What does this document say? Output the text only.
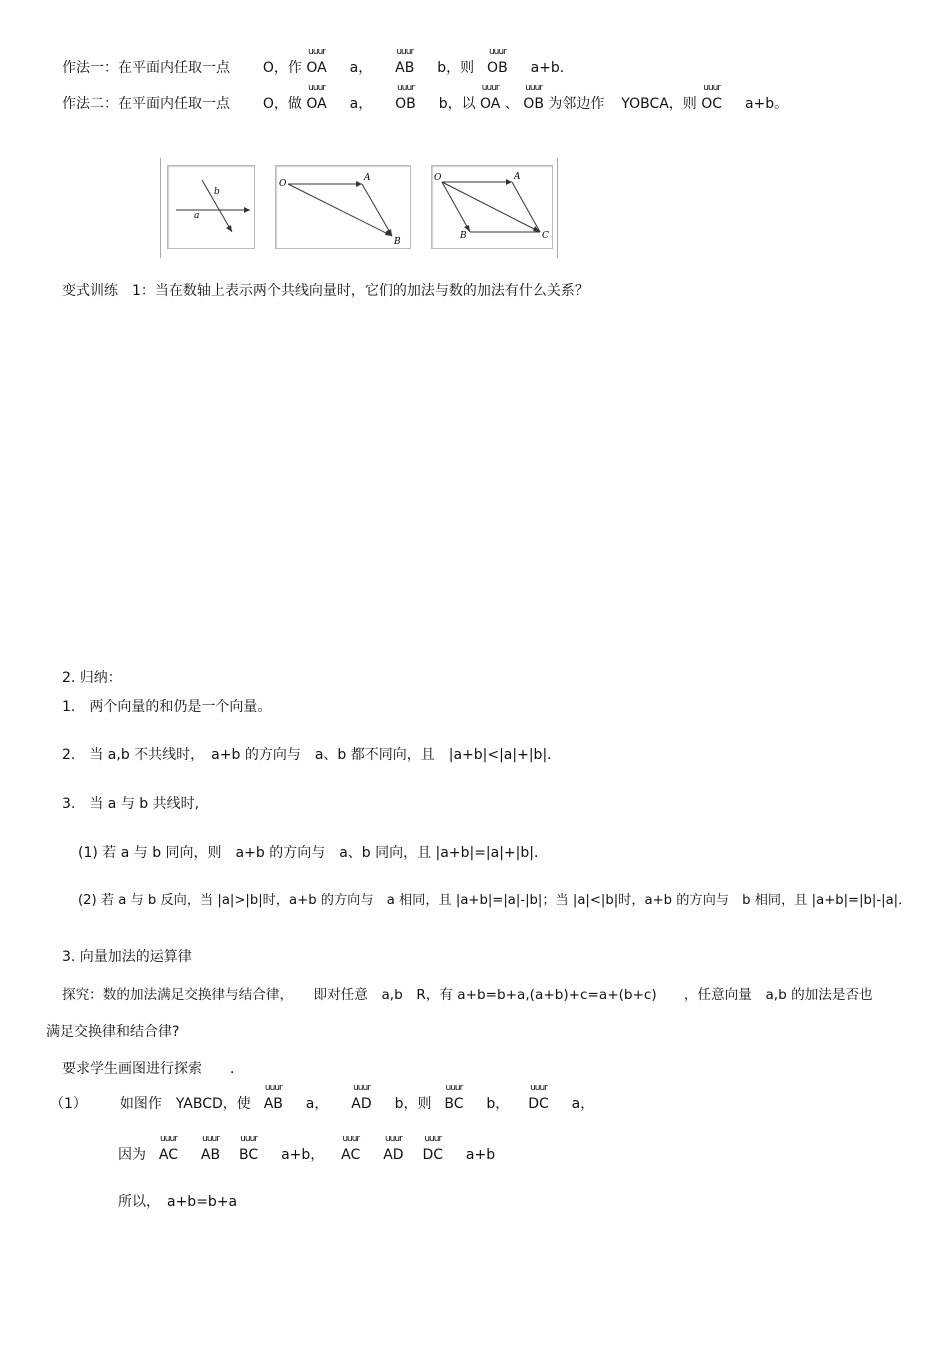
作法一：在平面内任取一点 O，作
uuur
OA a，
uuur
AB b，则
uuur
OB a+b．
作法二：在平面内任取一点 O，做
uuur
OA a，
uuur
OB b，以
uuur
OA 、
uuur
OB 为邻边作 YOBCA，则
uuur
OC a+b。
a
b
O
A
B
O	A
B	C
变式训练　1：当在数轴上表示两个共线向量时，它们的加法与数的加法有什么关系？
2. 归纳：
1.　两个向量的和仍是一个向量。
2.　当 a,b 不共线时，　a+b 的方向与　a、b 都不同向，且　|a+b|<|a|+|b|．
3.　当 a 与 b 共线时,
(1) 若 a 与 b 同向，则　a+b 的方向与　a、b 同向，且 |a+b|=|a|+|b|．
(2) 若 a 与 b 反向，当 |a|>|b|时，a+b 的方向与　a 相同，且 |a+b|=|a|-|b|；当 |a|<|b|时，a+b 的方向与　b 相同，且 |a+b|=|b|-|a|．
3. 向量加法的运算律
探究：数的加法满足交换律与结合律，　　即对任意　a,b　R，有 a+b=b+a,(a+b)+c=a+(b+c)　　，任意向量　a,b 的加法是否也
满足交换律和结合律?
要求学生画图进行探索　　．
（1） 如图作　YABCD，使
uuur
AB a，
uuur
AD b，则
uuur
BC b，
uuur
DC a，
因为
uuur
AC
uuur
AB
uuur
BC a+b，
uuur
AC
uuur
AD
uuur
DC a+b
所以，　a+b=b+a
